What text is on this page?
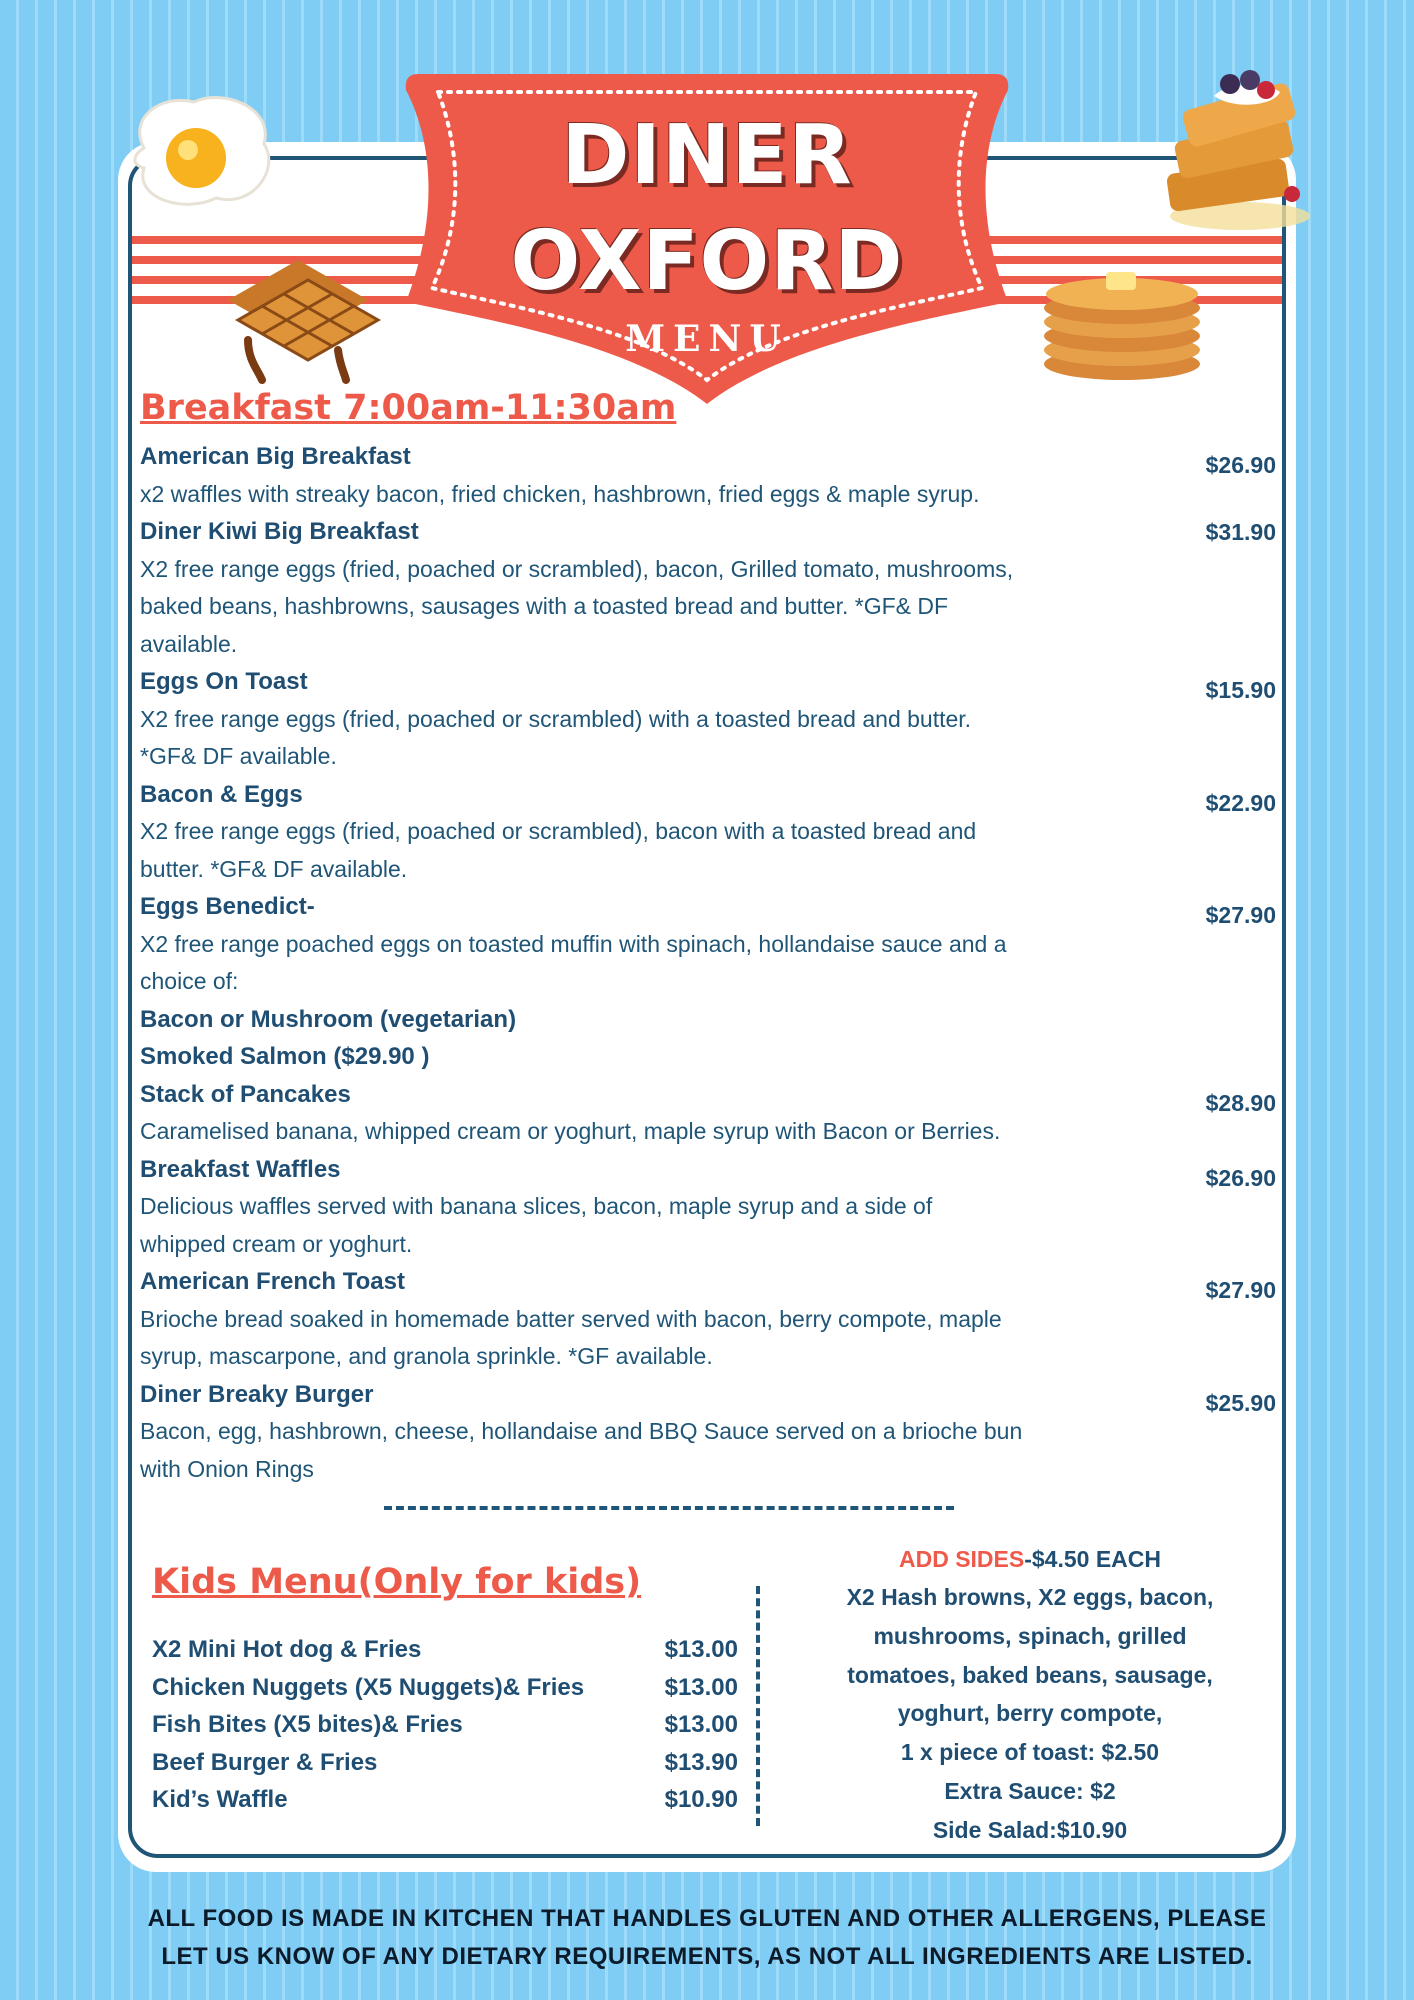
DINER
OXFORD
MENU
Breakfast 7:00am-11:30am
American Big Breakfast	$26.90
x2 waffles with streaky bacon, fried chicken, hashbrown, fried eggs & maple syrup.
Diner Kiwi Big Breakfast	$31.90
X2 free range eggs (fried, poached or scrambled), bacon, Grilled tomato, mushrooms,
baked beans, hashbrowns, sausages with a toasted bread and butter. *GF& DF
available.
Eggs On Toast	$15.90
X2 free range eggs (fried, poached or scrambled) with a toasted bread and butter.
*GF& DF available.
Bacon & Eggs	$22.90
X2 free range eggs (fried, poached or scrambled), bacon with a toasted bread and
butter. *GF& DF available.
Eggs Benedict-	$27.90
X2 free range poached eggs on toasted muffin with spinach, hollandaise sauce and a
choice of:
Bacon or Mushroom (vegetarian)
Smoked Salmon ($29.90 )
Stack of Pancakes	$28.90
Caramelised banana, whipped cream or yoghurt, maple syrup with Bacon or Berries.
Breakfast Waffles	$26.90
Delicious waffles served with banana slices, bacon, maple syrup and a side of
whipped cream or yoghurt.
American French Toast	$27.90
Brioche bread soaked in homemade batter served with bacon, berry compote, maple
syrup, mascarpone, and granola sprinkle. *GF available.
Diner Breaky Burger	$25.90
Bacon, egg, hashbrown, cheese, hollandaise and BBQ Sauce served on a brioche bun
with Onion Rings
Kids Menu(Only for kids)
X2 Mini Hot dog & Fries	$13.00
Chicken Nuggets (X5 Nuggets)& Fries	$13.00
Fish Bites (X5 bites)& Fries	$13.00
Beef Burger & Fries	$13.90
Kid’s Waffle	$10.90
ADD SIDES-$4.50 EACH
X2 Hash browns, X2 eggs, bacon,
mushrooms, spinach, grilled
tomatoes, baked beans, sausage,
yoghurt, berry compote,
1 x piece of toast: $2.50
Extra Sauce: $2
Side Salad:$10.90
ALL FOOD IS MADE IN KITCHEN THAT HANDLES GLUTEN AND OTHER ALLERGENS, PLEASE
LET US KNOW OF ANY DIETARY REQUIREMENTS, AS NOT ALL INGREDIENTS ARE LISTED.
